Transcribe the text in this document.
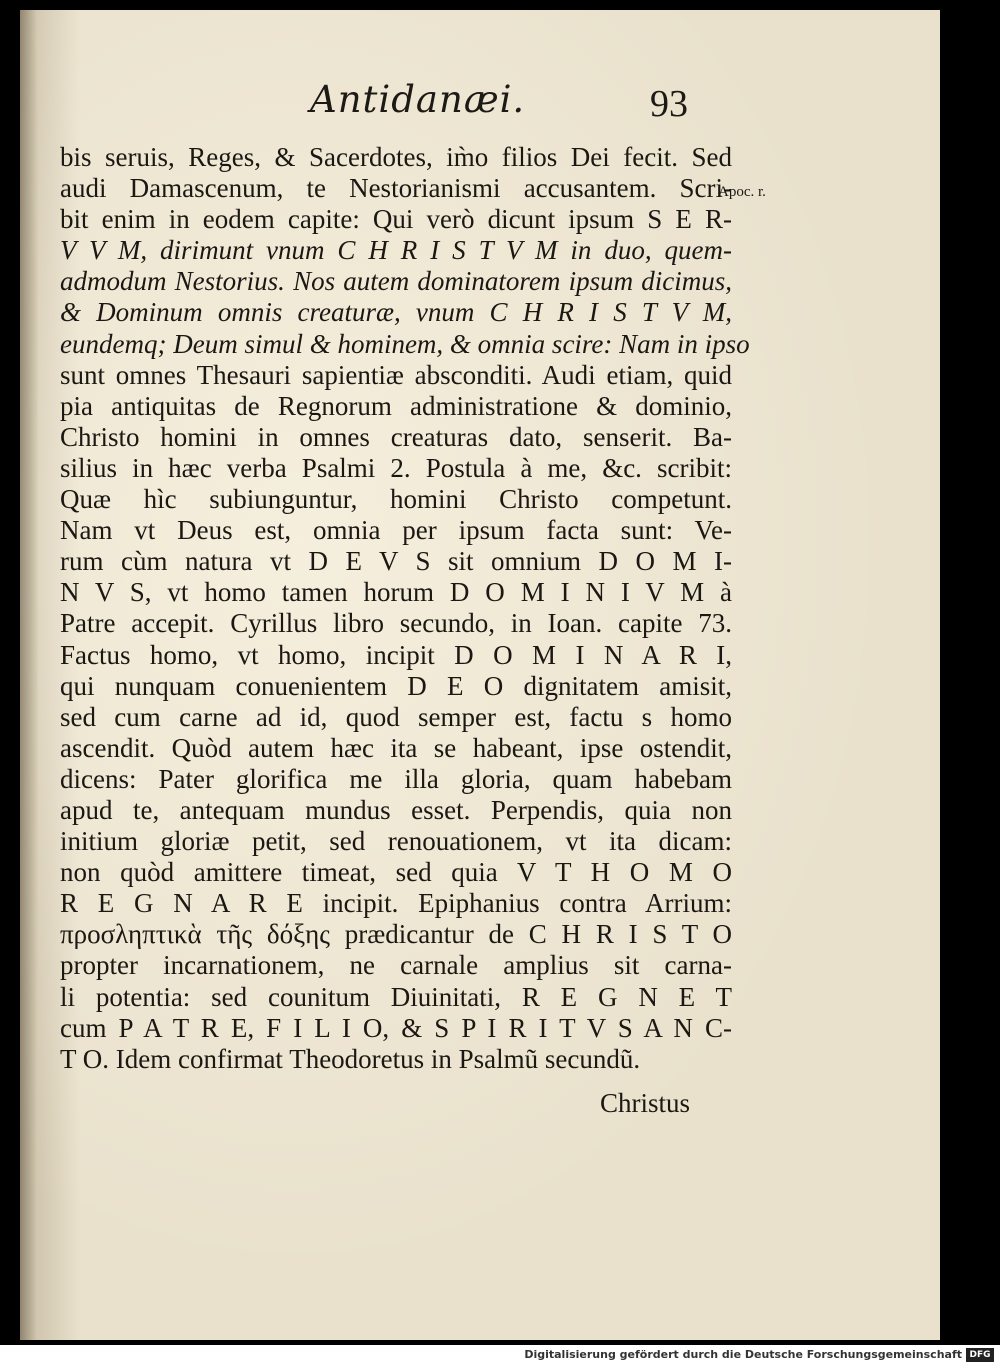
Antidanæi.	93
Apoc. r.
bis seruis, Reges, & Sacerdotes, im̀o filios Dei fecit. Sed
audi Damascenum, te Nestorianismi accusantem. Scri-
bit enim in eodem capite: Qui verò dicunt ipsum S E R-
V V M, dirimunt vnum C H R I S T V M in duo, quem-
admodum Nestorius. Nos autem dominatorem ipsum dicimus,
& Dominum omnis creaturæ, vnum C H R I S T V M,
eundemq; Deum simul & hominem, & omnia scire: Nam in ipso
sunt omnes Thesauri sapientiæ absconditi. Audi etiam, quid
pia antiquitas de Regnorum administratione & dominio,
Christo homini in omnes creaturas dato, senserit. Ba-
silius in hæc verba Psalmi 2. Postula à me, &c. scribit:
Quæ hìc subiunguntur, homini Christo competunt.
Nam vt Deus est, omnia per ipsum facta sunt: Ve-
rum cùm natura vt D E V S sit omnium D O M I-
N V S, vt homo tamen horum D O M I N I V M à
Patre accepit. Cyrillus libro secundo, in Ioan. capite 73.
Factus homo, vt homo, incipit D O M I N A R I,
qui nunquam conuenientem D E O dignitatem amisit,
sed cum carne ad id, quod semper est, factu s homo
ascendit. Quòd autem hæc ita se habeant, ipse ostendit,
dicens: Pater glorifica me illa gloria, quam habebam
apud te, antequam mundus esset. Perpendis, quia non
initium gloriæ petit, sed renouationem, vt ita dicam:
non quòd amittere timeat, sed quia V T H O M O
R E G N A R E incipit. Epiphanius contra Arrium:
προσληπτικὰ τῆς δόξης prædicantur de C H R I S T O
propter incarnationem, ne carnale amplius sit carna-
li potentia: sed counitum Diuinitati, R E G N E T
cum P A T R E, F I L I O, & S P I R I T V S A N C-
T O. Idem confirmat Theodoretus in Psalmũ secundũ.
Christus
Digitalisierung gefördert durch die Deutsche Forschungsgemeinschaft DFG
